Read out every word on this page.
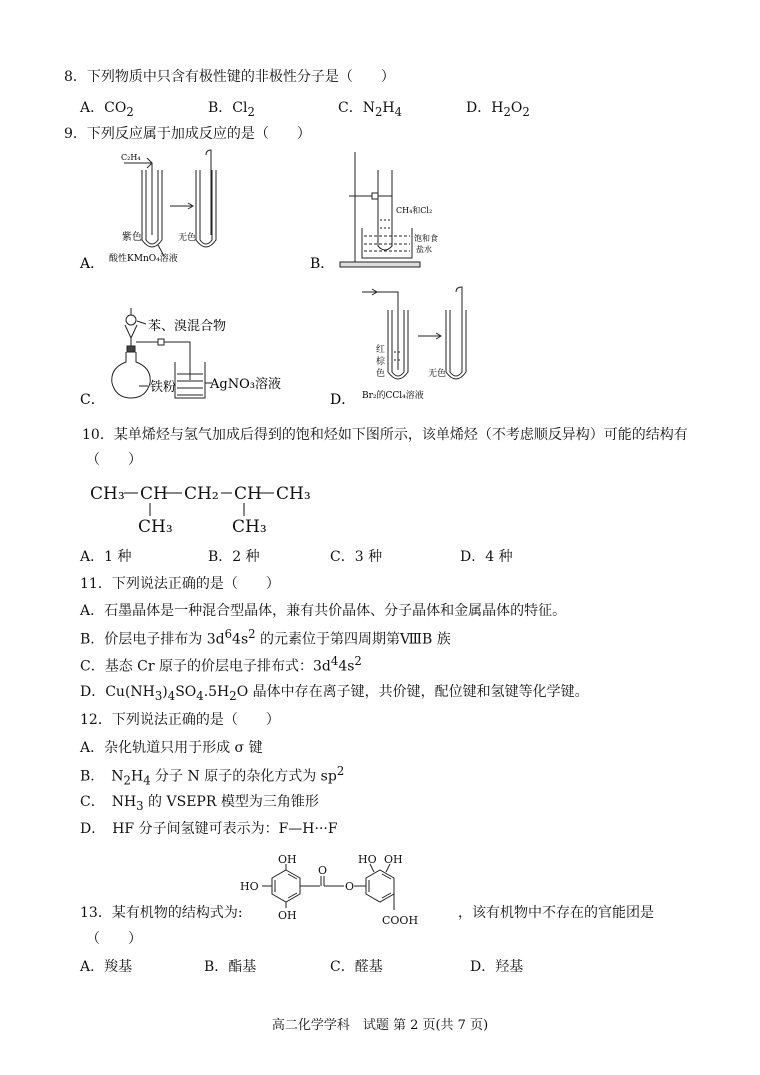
8．下列物质中只含有极性键的非极性分子是（　　）
A．$CO_2$	B．$Cl_2$	C．$N_2H_4$	D．$H_2O_2$
9．下列反应属于加成反应的是（　　）
C₂H₄
紫色	无色
酸性KMnO₄溶液
A．
CH₄和Cl₂
饱和食
盐水
B．
苯、溴混合物
铁粉	AgNO₃溶液
C．
红
棕
色	无色
Br₂的CCl₄溶液
D．
10．某单烯烃与氢气加成后得到的饱和烃如下图所示，该单烯烃（不考虑顺反异构）可能的结构有
（　　）
CH₃ CH CH₂ CH CH₃
CH₃	CH₃
A．1 种	B．2 种	C．3 种	D．4 种
11．下列说法正确的是（　　）
A．石墨晶体是一种混合型晶体，兼有共价晶体、分子晶体和金属晶体的特征。
B．价层电子排布为 $3d^64s^2$ 的元素位于第四周期第ⅧB 族
C．基态 Cr 原子的价层电子排布式：$3d^44s^2$
D．$Cu(NH_3)_4SO_4.5H_2O$ 晶体中存在离子键，共价键，配位键和氢键等化学键。
12．下列说法正确的是（　　）
A．杂化轨道只用于形成 σ 键
B．　$N_2H_4$ 分子 N 原子的杂化方式为 $sp^2$
C．　$NH_3$ 的 VSEPR 模型为三角锥形
D．　HF 分子间氢键可表示为：F—H···F
13．某有机物的结构式为:	，该有机物中不存在的官能团是
（　　）
OH
OH
HO
O
O
HO OH
COOH
A．羧基	B．酯基	C．醛基	D．羟基
高二化学学科　试题 第 2 页(共 7 页)
